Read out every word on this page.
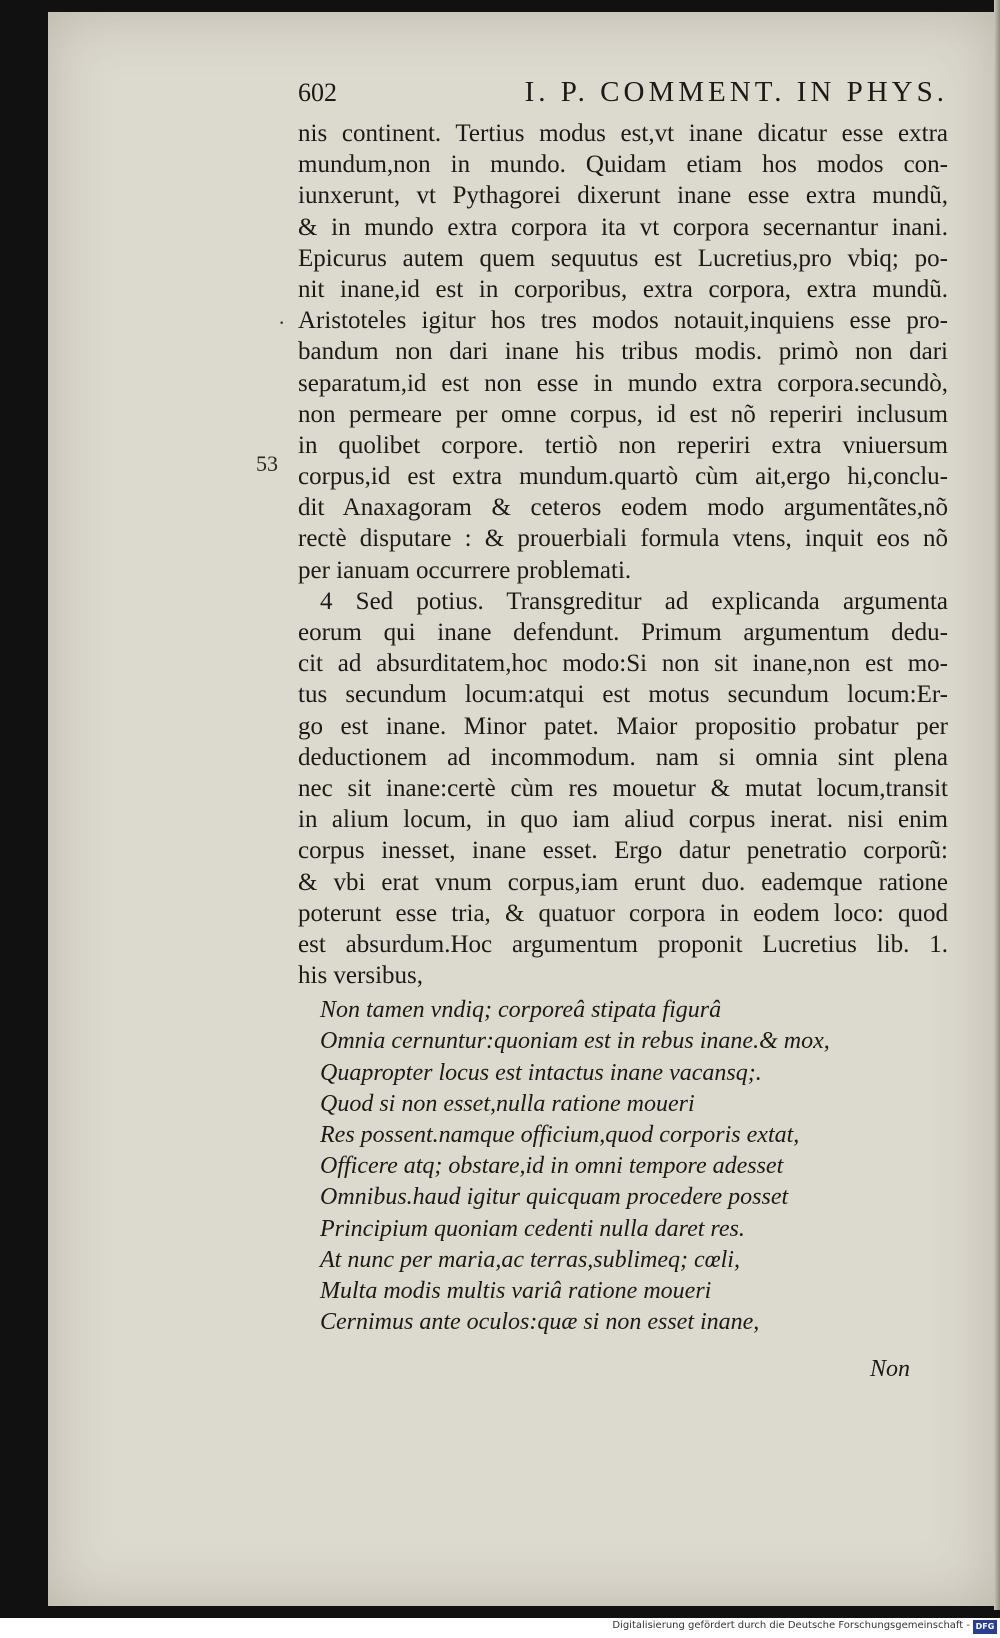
·
53
602	I. P. COMMENT. IN PHYS.
nis continent. Tertius modus est,vt inane dicatur esse extra
mundum,non in mundo. Quidam etiam hos modos con-
iunxerunt, vt Pythagorei dixerunt inane esse extra mundũ,
& in mundo extra corpora ita vt corpora secernantur inani.
Epicurus autem quem sequutus est Lucretius,pro vbiq; po-
nit inane,id est in corporibus, extra corpora, extra mundũ.
Aristoteles igitur hos tres modos notauit,inquiens esse pro-
bandum non dari inane his tribus modis. primò non dari
separatum,id est non esse in mundo extra corpora.secundò,
non permeare per omne corpus, id est nõ reperiri inclusum
in quolibet corpore. tertiò non reperiri extra vniuersum
corpus,id est extra mundum.quartò cùm ait,ergo hi,conclu-
dit Anaxagoram & ceteros eodem modo argumentãtes,nõ
rectè disputare : & prouerbiali formula vtens, inquit eos nõ
per ianuam occurrere problemati.
4 Sed potius. Transgreditur ad explicanda argumenta
eorum qui inane defendunt. Primum argumentum dedu-
cit ad absurditatem,hoc modo:Si non sit inane,non est mo-
tus secundum locum:atqui est motus secundum locum:Er-
go est inane. Minor patet. Maior propositio probatur per
deductionem ad incommodum. nam si omnia sint plena
nec sit inane:certè cùm res mouetur & mutat locum,transit
in alium locum, in quo iam aliud corpus inerat. nisi enim
corpus inesset, inane esset. Ergo datur penetratio corporũ:
& vbi erat vnum corpus,iam erunt duo. eademque ratione
poterunt esse tria, & quatuor corpora in eodem loco: quod
est absurdum.Hoc argumentum proponit Lucretius lib. 1.
his versibus,
Non tamen vndiq; corporeâ stipata figurâ
Omnia cernuntur:quoniam est in rebus inane.& mox,
Quapropter locus est intactus inane vacansq;.
Quod si non esset,nulla ratione moueri
Res possent.namque officium,quod corporis extat,
Officere atq; obstare,id in omni tempore adesset
Omnibus.haud igitur quicquam procedere posset
Principium quoniam cedenti nulla daret res.
At nunc per maria,ac terras,sublimeq; cœli,
Multa modis multis variâ ratione moueri
Cernimus ante oculos:quæ si non esset inane,
Non
Digitalisierung gefördert durch die Deutsche Forschungsgemeinschaft - DFG
